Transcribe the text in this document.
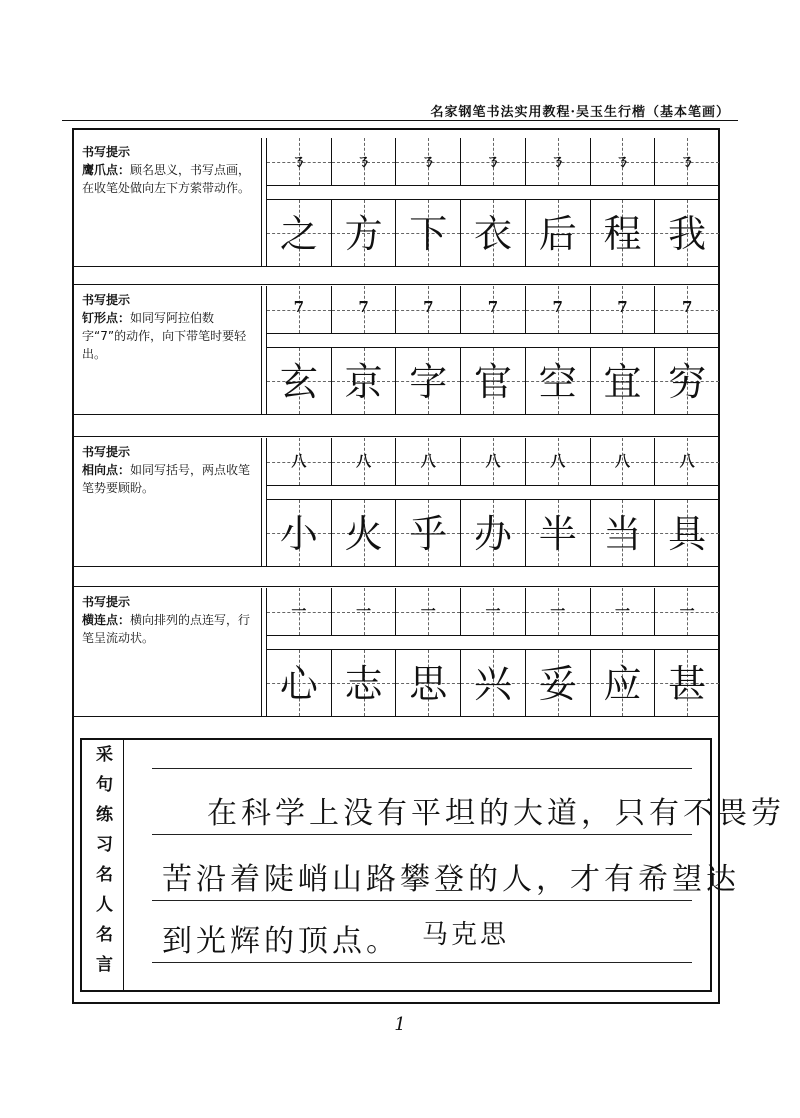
名家钢笔书法实用教程·吴玉生行楷（基本笔画）
书写提示

鹰爪点：顾名思义，书写点画，在收笔处做向左下方萦带动作。

ㄋ	ㄋ	ㄋ	ㄋ	ㄋ	ㄋ	ㄋ
之 方 下 衣 后 程 我
书写提示

钉形点：如同写阿拉伯数字“7”的动作，向下带笔时要轻出。

7	7	7	7	7	7	7
玄 京 字 官 空 宜 穷
书写提示

相向点：如同写括号，两点收笔笔势要顾盼。

八	八	八	八	八	八	八
小 火 乎 办 半 当 具
书写提示

横连点：横向排列的点连写，行笔呈流动状。

一	一	一	一	一	一	一
心 志 思 兴 妥 应 甚
采句练习名人名言	在科学上没有平坦的大道，只有不畏劳
苦沿着陡峭山路攀登的人，才有希望达
到光辉的顶点。 马克思
1
